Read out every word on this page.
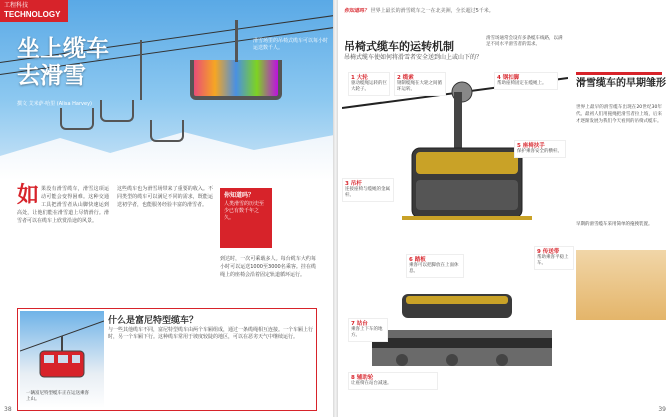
工程科技
TECHNOLOGY
坐上缆车
去滑雪
滑雪场里的吊椅式缆车可以每小时运送数千人。
撰文 艾米萨·哈里 (Alisa Harvey)
如 果没有滑雪缆车，滑雪这项运动可能会变得困难。这种交通工具把滑雪者从山脚快速运到高处，让他们能在滑雪道上尽情滑行。滑雪者可以在缆车上欣赏沿途的风景。
这些缆车也为滑雪场带来了重要的收入。不同类型的缆车可以满足不同的需求，既能运送初学者，也能服务经验丰富的滑雪者。
到达时，一次可乘载多人。每台缆车大约每小时可以运送1000至3000名乘客。挂在缆绳上的座椅会沿着固定轨道循环运行。
你知道吗？
人类滑雪的历史至少已有数千年之久。
一辆富尼特型缆车正在运送乘客上山。
什么是富尼特型缆车？
与一些其他缆车不同，富尼特型缆车由两个车厢组成，通过一条缆绳相互连接。一个车厢上行时，另一个车厢下行。这种缆车常用于坡度较陡的地区，可以在恶劣天气中继续运行。
38
你知道吗？ 世界上最长的滑雪缆车之一在北美洲，全长超过5千米。
吊椅式缆车的运转机制
吊椅式缆车使如何将滑雪者安全送到山上或山下的？
滑雪场通常会设有多条缆车线路，以满足不同水平滑雪者的需求。
1 大轮
驱动缆绳运转的巨大轮子。
2 缆索
钢制缆绳在大轮之间循环运转。
3 吊杆
连接座椅与缆绳的金属杆。
4 钢扣脚
帮助座椅固定在缆绳上。
5 座椅扶手
保护乘客安全的横杆。
6 踏板
乘客可以把脚放在上面休息。
7 站台
乘客上下车的地方。
8 辅助轮
让座椅在站台减速。
9 传送带
帮助乘客平稳上车。
滑雪缆车的早期雏形
世界上最早的滑雪缆车出现在20世纪30年代。最初人们用拖绳把滑雪者拉上坡，后来才逐渐发展为我们今天看到的吊椅式缆车。
早期的滑雪缆车采用简单的拖拽装置。
39
